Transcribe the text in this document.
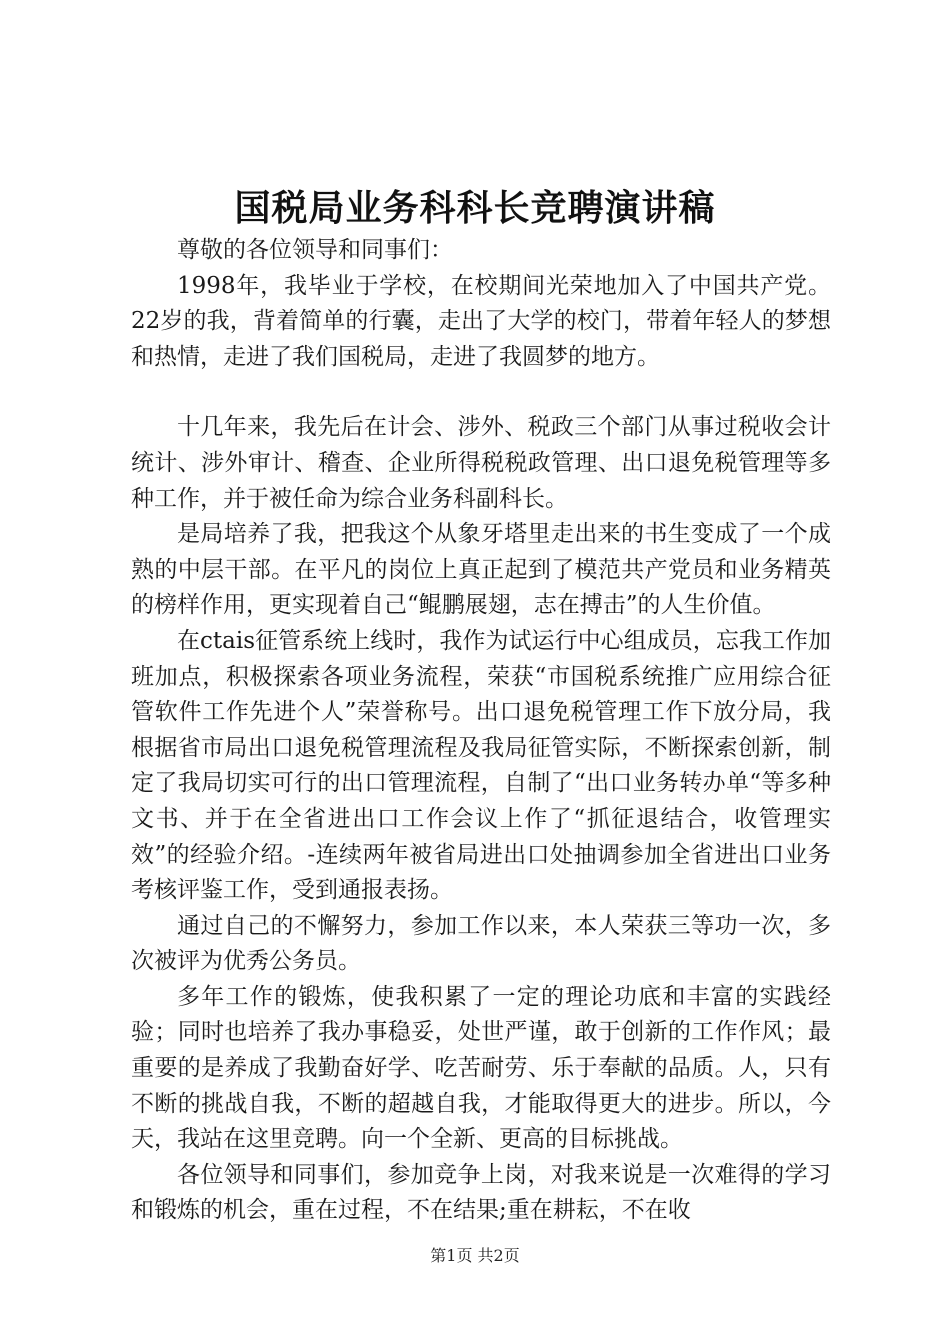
国税局业务科科长竞聘演讲稿

尊敬的各位领导和同事们：

1998年，我毕业于学校，在校期间光荣地加入了中国共产党。22岁的我，背着简单的行囊，走出了大学的校门，带着年轻人的梦想和热情，走进了我们国税局，走进了我圆梦的地方。

十几年来，我先后在计会、涉外、税政三个部门从事过税收会计统计、涉外审计、稽查、企业所得税税政管理、出口退免税管理等多种工作，并于被任命为综合业务科副科长。

是局培养了我，把我这个从象牙塔里走出来的书生变成了一个成熟的中层干部。在平凡的岗位上真正起到了模范共产党员和业务精英的榜样作用，更实现着自己“鲲鹏展翅，志在搏击”的人生价值。

在ctais征管系统上线时，我作为试运行中心组成员，忘我工作加班加点，积极探索各项业务流程，荣获“市国税系统推广应用综合征管软件工作先进个人”荣誉称号。出口退免税管理工作下放分局，我根据省市局出口退免税管理流程及我局征管实际，不断探索创新，制定了我局切实可行的出口管理流程，自制了“出口业务转办单“等多种文书、并于在全省进出口工作会议上作了“抓征退结合，收管理实效”的经验介绍。-连续两年被省局进出口处抽调参加全省进出口业务考核评鉴工作，受到通报表扬。

通过自己的不懈努力，参加工作以来，本人荣获三等功一次，多次被评为优秀公务员。

多年工作的锻炼，使我积累了一定的理论功底和丰富的实践经验；同时也培养了我办事稳妥，处世严谨，敢于创新的工作作风；最重要的是养成了我勤奋好学、吃苦耐劳、乐于奉献的品质。人，只有不断的挑战自我，不断的超越自我，才能取得更大的进步。所以，今天，我站在这里竞聘。向一个全新、更高的目标挑战。

各位领导和同事们，参加竞争上岗，对我来说是一次难得的学习和锻炼的机会，重在过程，不在结果;重在耕耘，不在收

第1页 共2页
